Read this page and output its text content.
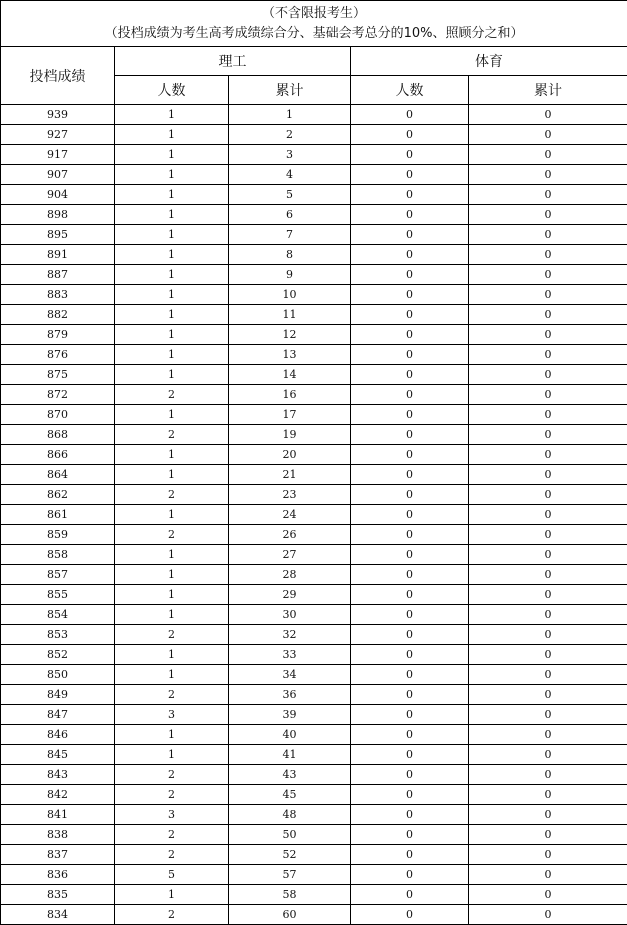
（不含限报考生）
（投档成绩为考生高考成绩综合分、基础会考总分的10%、照顾分之和）				

投档成绩	理工		体育	
	人数	累计	人数	累计
939	1	1	0	0
927	1	2	0	0
917	1	3	0	0
907	1	4	0	0
904	1	5	0	0
898	1	6	0	0
895	1	7	0	0
891	1	8	0	0
887	1	9	0	0
883	1	10	0	0
882	1	11	0	0
879	1	12	0	0
876	1	13	0	0
875	1	14	0	0
872	2	16	0	0
870	1	17	0	0
868	2	19	0	0
866	1	20	0	0
864	1	21	0	0
862	2	23	0	0
861	1	24	0	0
859	2	26	0	0
858	1	27	0	0
857	1	28	0	0
855	1	29	0	0
854	1	30	0	0
853	2	32	0	0
852	1	33	0	0
850	1	34	0	0
849	2	36	0	0
847	3	39	0	0
846	1	40	0	0
845	1	41	0	0
843	2	43	0	0
842	2	45	0	0
841	3	48	0	0
838	2	50	0	0
837	2	52	0	0
836	5	57	0	0
835	1	58	0	0
834	2	60	0	0
